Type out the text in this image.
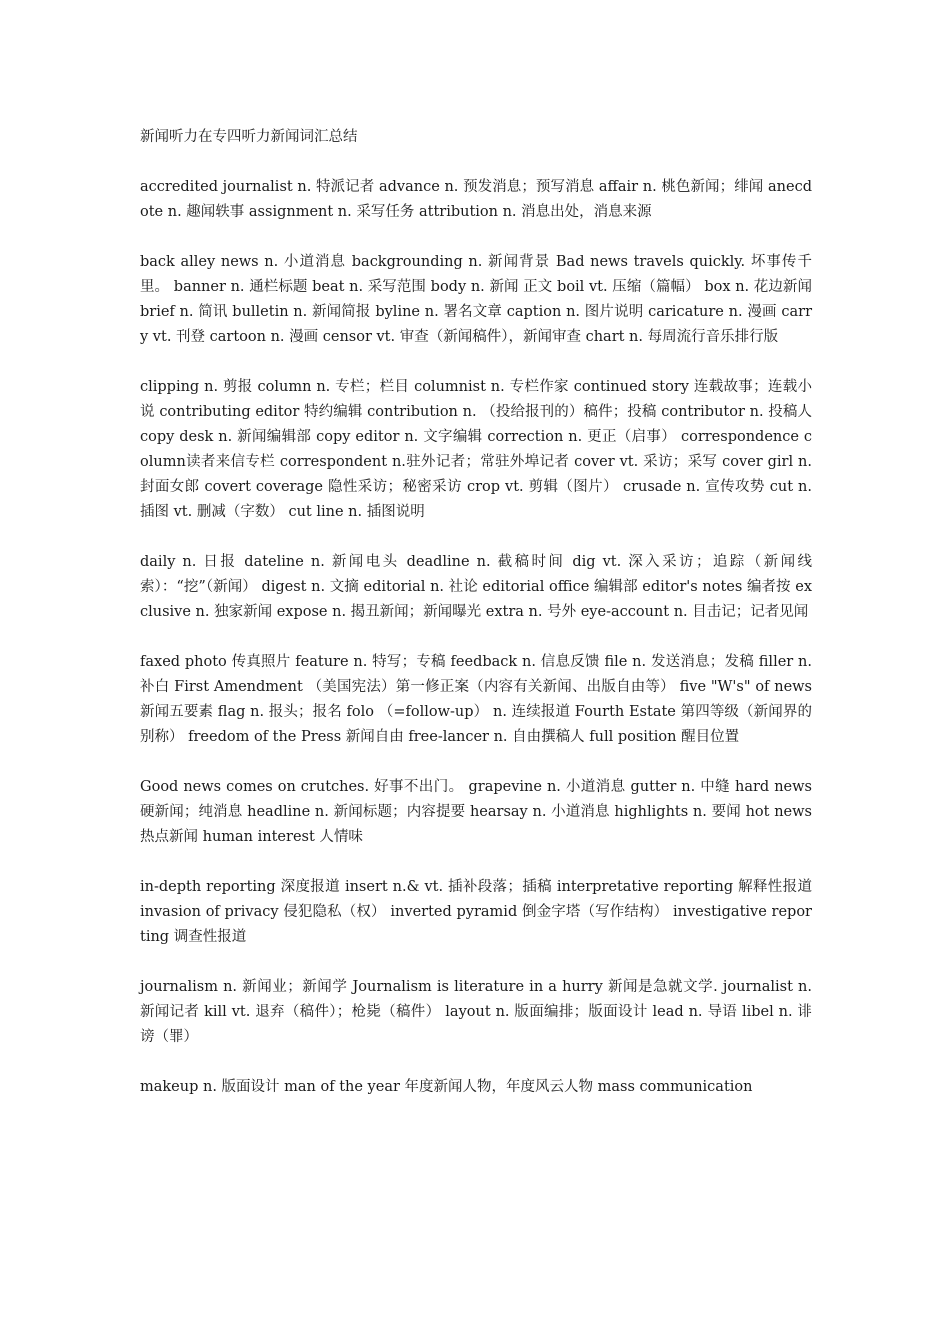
新闻听力在专四听力新闻词汇总结

accredited journalist n. 特派记者 advance n. 预发消息；预写消息 affair n. 桃色新闻；绯闻 anecdote n. 趣闻轶事 assignment n. 采写任务 attribution n. 消息出处，消息来源

back alley news n. 小道消息 backgrounding n. 新闻背景 Bad news travels quickly. 坏事传千里。 banner n. 通栏标题 beat n. 采写范围 body n. 新闻 正文 boil vt. 压缩（篇幅） box n. 花边新闻 brief n. 简讯 bulletin n. 新闻简报 byline n. 署名文章 caption n. 图片说明 caricature n. 漫画 carry vt. 刊登 cartoon n. 漫画 censor vt. 审查（新闻稿件），新闻审查 chart n. 每周流行音乐排行版

clipping n. 剪报 column n. 专栏；栏目 columnist n. 专栏作家 continued story 连载故事；连载小说 contributing editor 特约编辑 contribution n. （投给报刊的）稿件；投稿 contributor n. 投稿人 copy desk n. 新闻编辑部 copy editor n. 文字编辑 correction n. 更正（启事） correspondence column读者来信专栏 correspondent n.驻外记者；常驻外埠记者 cover vt. 采访；采写 cover girl n. 封面女郎 covert coverage 隐性采访；秘密采访 crop vt. 剪辑（图片） crusade n. 宣传攻势 cut n. 插图 vt. 删减（字数） cut line n. 插图说明

daily n. 日报 dateline n. 新闻电头 deadline n. 截稿时间 dig vt. 深入采访；追踪（新闻线索）：“挖”（新闻） digest n. 文摘 editorial n. 社论 editorial office 编辑部 editor's notes 编者按 exclusive n. 独家新闻 expose n. 揭丑新闻；新闻曝光 extra n. 号外 eye-account n. 目击记；记者见闻

faxed photo 传真照片 feature n. 特写；专稿 feedback n. 信息反馈 file n. 发送消息；发稿 filler n. 补白 First Amendment （美国宪法）第一修正案（内容有关新闻、出版自由等） five "W's" of news 新闻五要素 flag n. 报头；报名 folo （=follow-up） n. 连续报道 Fourth Estate 第四等级（新闻界的别称） freedom of the Press 新闻自由 free-lancer n. 自由撰稿人 full position 醒目位置

Good news comes on crutches. 好事不出门。 grapevine n. 小道消息 gutter n. 中缝 hard news 硬新闻；纯消息 headline n. 新闻标题；内容提要 hearsay n. 小道消息 highlights n. 要闻 hot news 热点新闻 human interest 人情味

in-depth reporting 深度报道 insert n.& vt. 插补段落；插稿 interpretative reporting 解释性报道 invasion of privacy 侵犯隐私（权） inverted pyramid 倒金字塔（写作结构） investigative reporting 调查性报道

journalism n. 新闻业；新闻学 Journalism is literature in a hurry 新闻是急就文学. journalist n. 新闻记者 kill vt. 退弃（稿件）；枪毙（稿件） layout n. 版面编排；版面设计 lead n. 导语 libel n. 诽谤（罪）

makeup n. 版面设计 man of the year 年度新闻人物，年度风云人物 mass communication
